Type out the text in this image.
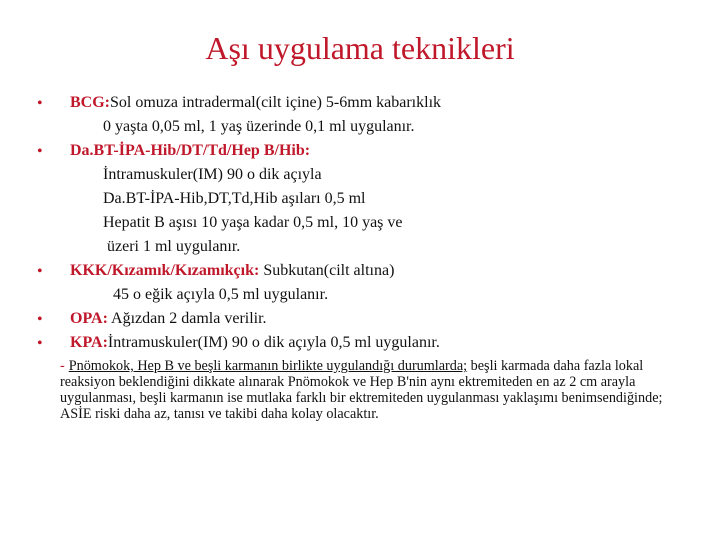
Aşı uygulama teknikleri
• BCG:Sol omuza intradermal(cilt içine) 5-6mm kabarıklık
0 yaşta 0,05 ml, 1 yaş üzerinde 0,1 ml uygulanır.
• Da.BT-İPA-Hib/DT/Td/Hep B/Hib:
İntramuskuler(IM) 90 o dik açıyla
Da.BT-İPA-Hib,DT,Td,Hib aşıları 0,5 ml
Hepatit B aşısı 10 yaşa kadar 0,5 ml, 10 yaş ve
üzeri 1 ml uygulanır.
• KKK/Kızamık/Kızamıkçık: Subkutan(cilt altına)
45 o eğik açıyla 0,5 ml uygulanır.
• OPA: Ağızdan 2 damla verilir.
• KPA:İntramuskuler(IM) 90 o dik açıyla 0,5 ml uygulanır.
- Pnömokok, Hep B ve beşli karmanın birlikte uygulandığı durumlarda; beşli karmada daha fazla lokal reaksiyon beklendiğini dikkate alınarak Pnömokok ve Hep B'nin aynı ektremiteden en az 2 cm arayla uygulanması, beşli karmanın ise mutlaka farklı bir ektremiteden uygulanması yaklaşımı benimsendiğinde; ASİE riski daha az, tanısı ve takibi daha kolay olacaktır.
